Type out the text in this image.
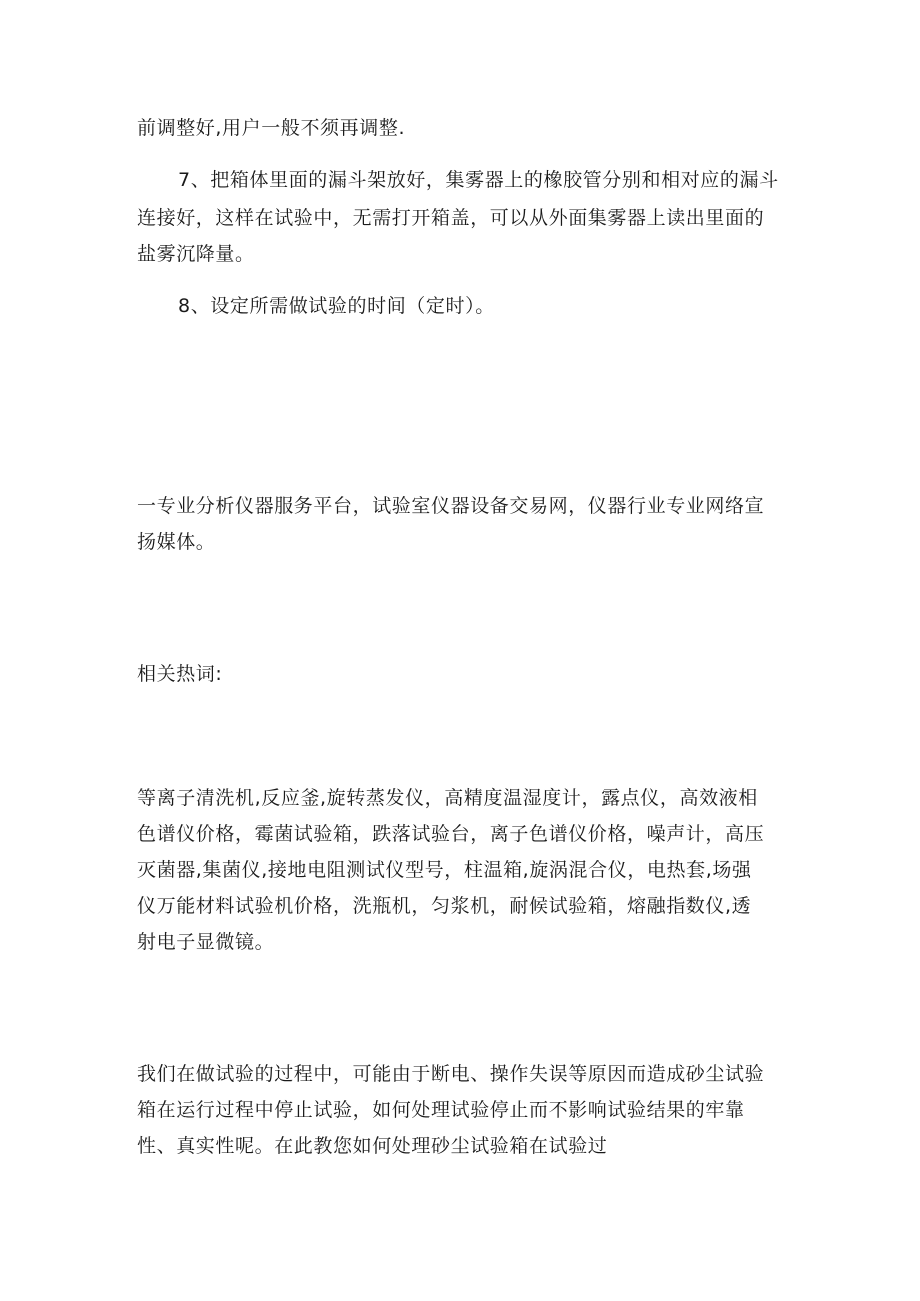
前调整好,用户一般不须再调整.
7、把箱体里面的漏斗架放好，集雾器上的橡胶管分别和相对应的漏斗
连接好，这样在试验中，无需打开箱盖，可以从外面集雾器上读出里面的
盐雾沉降量。
8、设定所需做试验的时间（定时）。
一专业分析仪器服务平台，试验室仪器设备交易网，仪器行业专业网络宣
扬媒体。
相关热词:
等离子清洗机,反应釜,旋转蒸发仪，高精度温湿度计，露点仪，高效液相
色谱仪价格，霉菌试验箱，跌落试验台，离子色谱仪价格，噪声计，高压
灭菌器,集菌仪,接地电阻测试仪型号，柱温箱,旋涡混合仪，电热套,场强
仪万能材料试验机价格，洗瓶机，匀浆机，耐候试验箱，熔融指数仪,透
射电子显微镜。
我们在做试验的过程中，可能由于断电、操作失误等原因而造成砂尘试验
箱在运行过程中停止试验，如何处理试验停止而不影响试验结果的牢靠
性、真实性呢。在此教您如何处理砂尘试验箱在试验过
